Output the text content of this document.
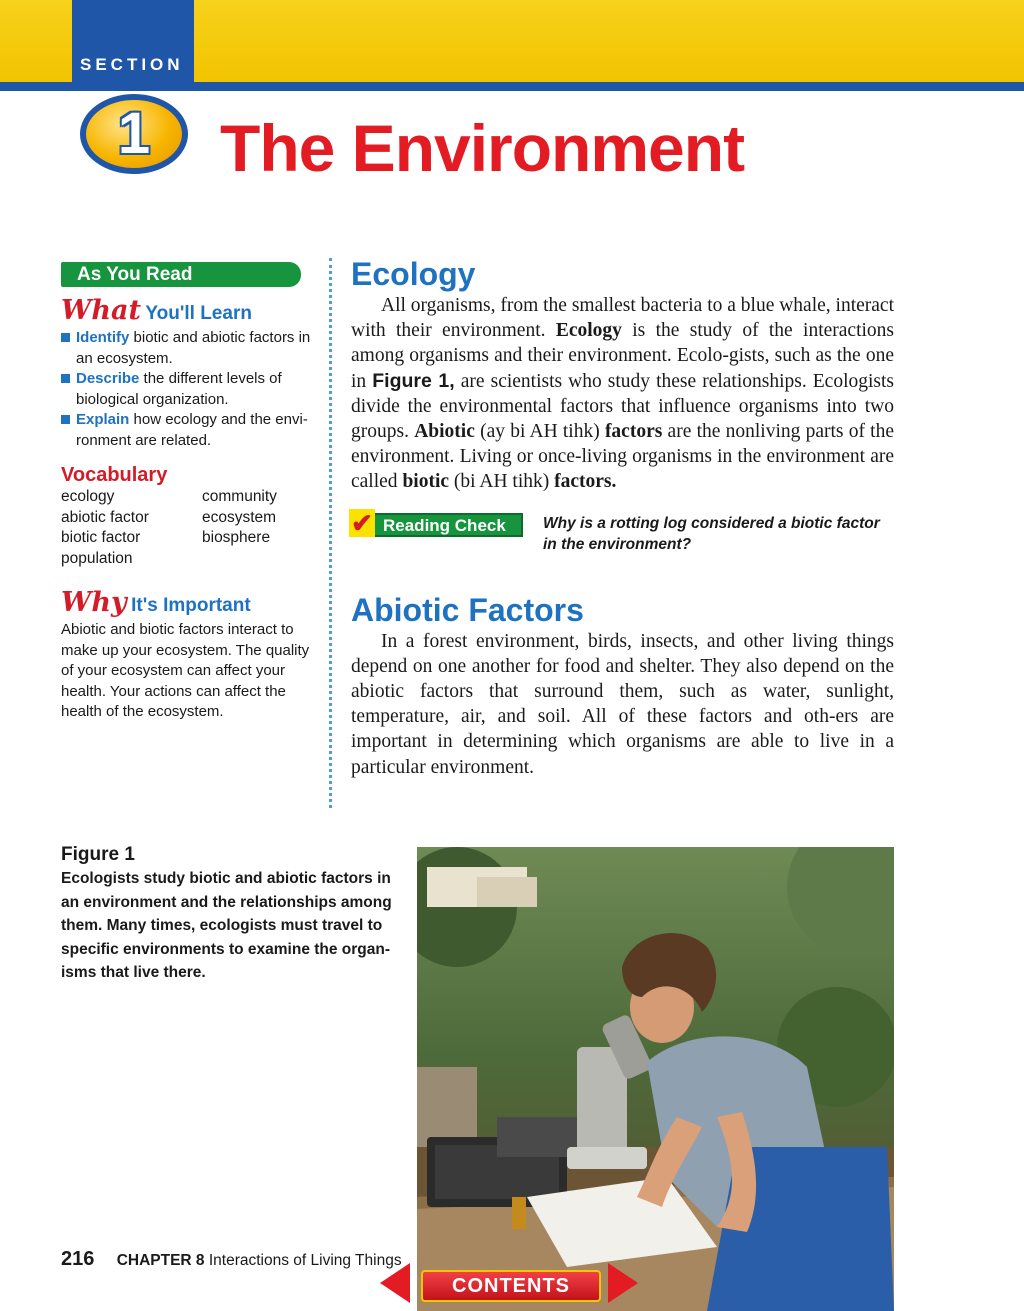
SECTION
1 The Environment
As You Read
What You'll Learn
Identify biotic and abiotic factors in an ecosystem.
Describe the different levels of biological organization.
Explain how ecology and the envi-ronment are related.
Vocabulary
ecology	community
abiotic factor	ecosystem
biotic factor	biosphere
population
Why It's Important
Abiotic and biotic factors interact to make up your ecosystem. The quality of your ecosystem can affect your health. Your actions can affect the health of the ecosystem.
Ecology

All organisms, from the smallest bacteria to a blue whale, interact with their environment. Ecology is the study of the interactions among organisms and their environment. Ecolo-gists, such as the one in Figure 1, are scientists who study these relationships. Ecologists divide the environmental factors that influence organisms into two groups. Abiotic (ay bi AH tihk) factors are the nonliving parts of the environment. Living or once-living organisms in the environment are called biotic (bi AH tihk) factors.

✔ Reading Check	Why is a rotting log considered a biotic factor in the environment?
Abiotic Factors

In a forest environment, birds, insects, and other living things depend on one another for food and shelter. They also depend on the abiotic factors that surround them, such as water, sunlight, temperature, air, and soil. All of these factors and oth-ers are important in determining which organisms are able to live in a particular environment.

Figure 1
Ecologists study biotic and abiotic factors in an environment and the relationships among them. Many times, ecologists must travel to specific environments to examine the organ-isms that live there.
216 CHAPTER 8 Interactions of Living Things
CONTENTS
